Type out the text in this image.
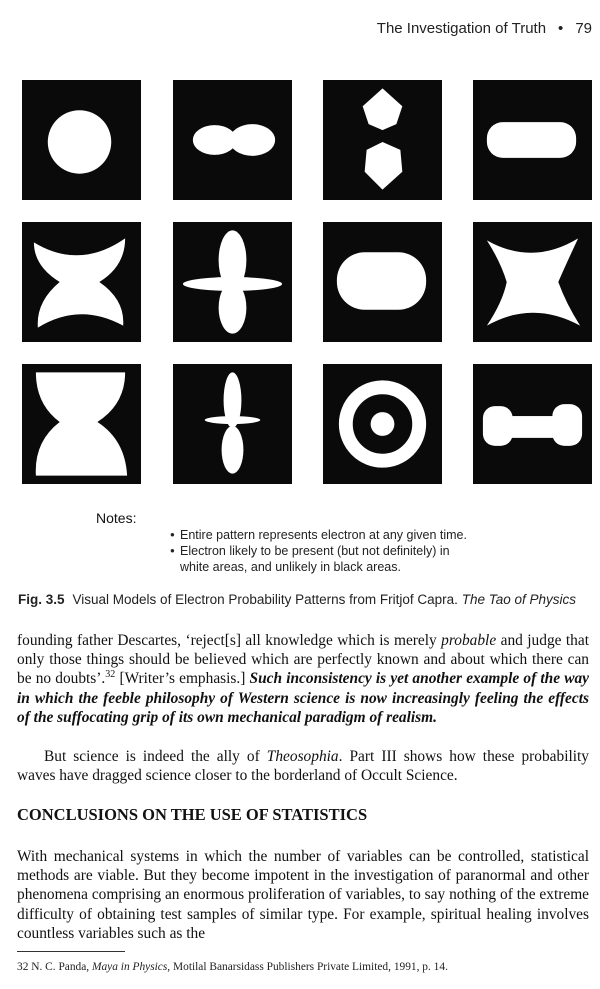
The Investigation of Truth • 79
Notes:
● Entire pattern represents electron at any given time.
● Electron likely to be present (but not definitely) in
white areas, and unlikely in black areas.
Fig. 3.5 Visual Models of Electron Probability Patterns from Fritjof Capra. The Tao of Physics
founding father Descartes, ‘reject[s] all knowledge which is merely probable and judge that only those things should be believed which are perfectly known and about which there can be no doubts’.$^{32}$ [Writer’s emphasis.] Such inconsistency is yet another example of the way in which the feeble philosophy of Western science is now increasingly feeling the effects of the suffocating grip of its own mechanical paradigm of realism.
But science is indeed the ally of Theosophia. Part III shows how these probability waves have dragged science closer to the borderland of Occult Science.
CONCLUSIONS ON THE USE OF STATISTICS
With mechanical systems in which the number of variables can be controlled, statistical methods are viable. But they become impotent in the investigation of paranormal and other phenomena comprising an enormous proliferation of variables, to say nothing of the extreme difficulty of obtaining test samples of similar type. For example, spiritual healing involves countless variables such as the
32 N. C. Panda, Maya in Physics, Motilal Banarsidass Publishers Private Limited, 1991, p. 14.
